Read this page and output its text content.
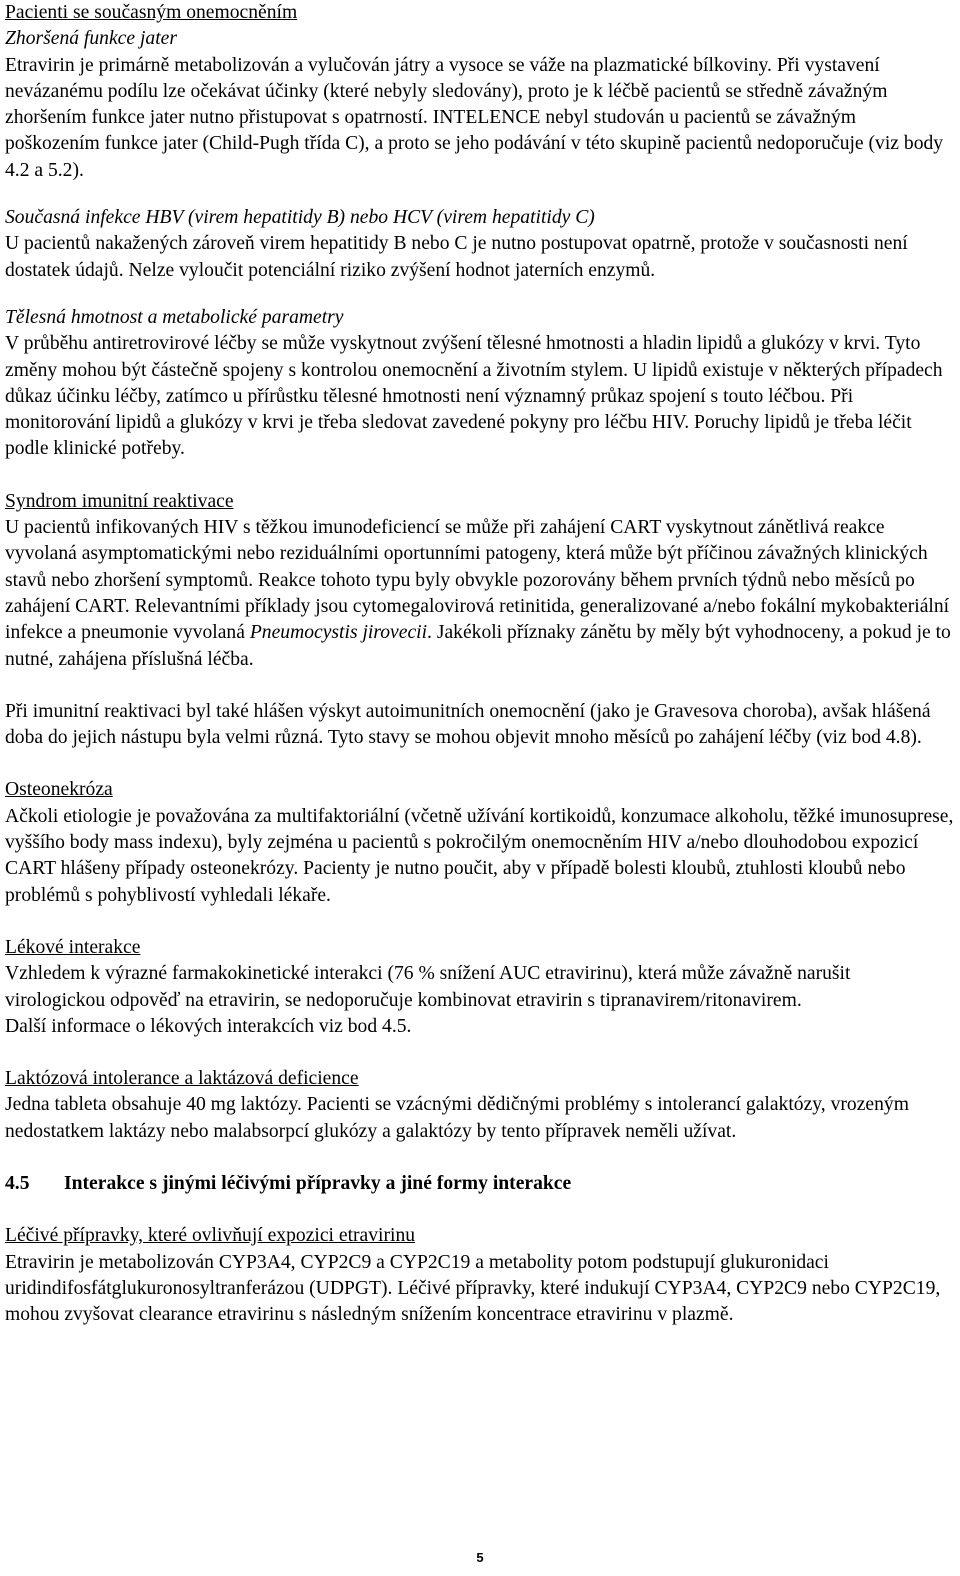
Pacienti se současným onemocněním

Zhoršená funkce jater

Etravirin je primárně metabolizován a vylučován játry a vysoce se váže na plazmatické bílkoviny. Při vystavení nevázanému podílu lze očekávat účinky (které nebyly sledovány), proto je k léčbě pacientů se středně závažným zhoršením funkce jater nutno přistupovat s opatrností. INTELENCE nebyl studován u pacientů se závažným poškozením funkce jater (Child-Pugh třída C), a proto se jeho podávání v této skupině pacientů nedoporučuje (viz body 4.2 a 5.2).

Současná infekce HBV (virem hepatitidy B) nebo HCV (virem hepatitidy C)

U pacientů nakažených zároveň virem hepatitidy B nebo C je nutno postupovat opatrně, protože v současnosti není dostatek údajů. Nelze vyloučit potenciální riziko zvýšení hodnot jaterních enzymů.

Tělesná hmotnost a metabolické parametry

V průběhu antiretrovirové léčby se může vyskytnout zvýšení tělesné hmotnosti a hladin lipidů a glukózy v krvi. Tyto změny mohou být částečně spojeny s kontrolou onemocnění a životním stylem. U lipidů existuje v některých případech důkaz účinku léčby, zatímco u přírůstku tělesné hmotnosti není významný průkaz spojení s touto léčbou. Při monitorování lipidů a glukózy v krvi je třeba sledovat zavedené pokyny pro léčbu HIV. Poruchy lipidů je třeba léčit podle klinické potřeby.

Syndrom imunitní reaktivace

U pacientů infikovaných HIV s těžkou imunodeficiencí se může při zahájení CART vyskytnout zánětlivá reakce vyvolaná asymptomatickými nebo reziduálními oportunními patogeny, která může být příčinou závažných klinických stavů nebo zhoršení symptomů. Reakce tohoto typu byly obvykle pozorovány během prvních týdnů nebo měsíců po zahájení CART. Relevantními příklady jsou cytomegalovirová retinitida, generalizované a/nebo fokální mykobakteriální infekce a pneumonie vyvolaná Pneumocystis jirovecii. Jakékoli příznaky zánětu by měly být vyhodnoceny, a pokud je to nutné, zahájena příslušná léčba.

Při imunitní reaktivaci byl také hlášen výskyt autoimunitních onemocnění (jako je Gravesova choroba), avšak hlášená doba do jejich nástupu byla velmi různá. Tyto stavy se mohou objevit mnoho měsíců po zahájení léčby (viz bod 4.8).

Osteonekróza

Ačkoli etiologie je považována za multifaktoriální (včetně užívání kortikoidů, konzumace alkoholu, těžké imunosuprese, vyššího body mass indexu), byly zejména u pacientů s pokročilým onemocněním HIV a/nebo dlouhodobou expozicí CART hlášeny případy osteonekrózy. Pacienty je nutno poučit, aby v případě bolesti kloubů, ztuhlosti kloubů nebo problémů s pohyblivostí vyhledali lékaře.

Lékové interakce

Vzhledem k výrazné farmakokinetické interakci (76 % snížení AUC etravirinu), která může závažně narušit virologickou odpověď na etravirin, se nedoporučuje kombinovat etravirin s tipranavirem/ritonavirem.

Další informace o lékových interakcích viz bod 4.5.

Laktózová intolerance a laktázová deficience

Jedna tableta obsahuje 40 mg laktózy. Pacienti se vzácnými dědičnými problémy s intolerancí galaktózy, vrozeným nedostatkem laktázy nebo malabsorpcí glukózy a galaktózy by tento přípravek neměli užívat.

4.5	Interakce s jinými léčivými přípravky a jiné formy interakce

Léčivé přípravky, které ovlivňují expozici etravirinu

Etravirin je metabolizován CYP3A4, CYP2C9 a CYP2C19 a metabolity potom podstupují glukuronidaci uridindifosfátglukuronosyltranferázou (UDPGT). Léčivé přípravky, které indukují CYP3A4, CYP2C9 nebo CYP2C19, mohou zvyšovat clearance etravirinu s následným snížením koncentrace etravirinu v plazmě.

5
